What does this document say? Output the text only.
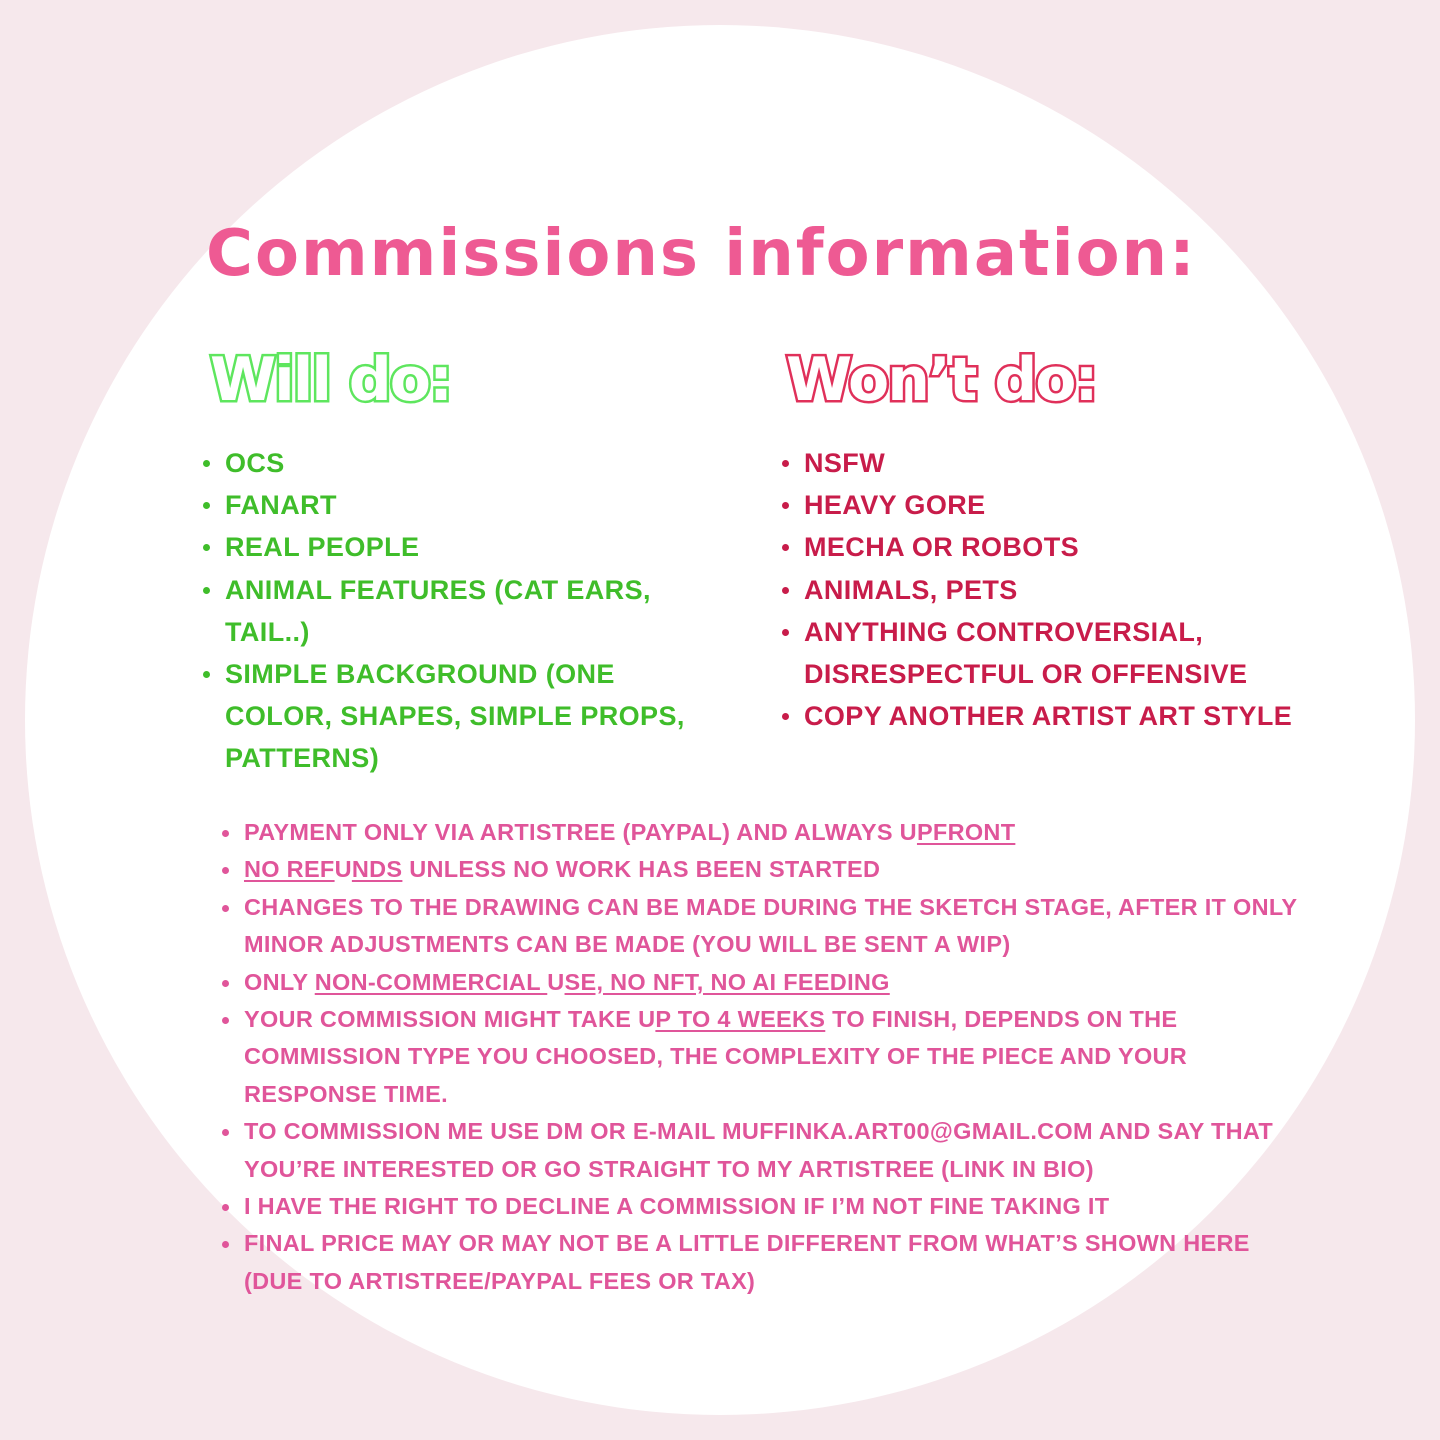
Commissions information:
Will do:	Won’t do:
OCS
FANART
REAL PEOPLE
ANIMAL FEATURES (CAT EARS, TAIL..)
SIMPLE BACKGROUND (ONE COLOR, SHAPES, SIMPLE PROPS, PATTERNS)
NSFW
HEAVY GORE
MECHA OR ROBOTS
ANIMALS, PETS
ANYTHING CONTROVERSIAL, DISRESPECTFUL OR OFFENSIVE
COPY ANOTHER ARTIST ART STYLE
PAYMENT ONLY VIA ARTISTREE (PAYPAL) AND ALWAYS UPFRONT
NO REFUNDS UNLESS NO WORK HAS BEEN STARTED
CHANGES TO THE DRAWING CAN BE MADE DURING THE SKETCH STAGE, AFTER IT ONLY MINOR ADJUSTMENTS CAN BE MADE (YOU WILL BE SENT A WIP)
ONLY NON-COMMERCIAL USE, NO NFT, NO AI FEEDING
YOUR COMMISSION MIGHT TAKE UP TO 4 WEEKS TO FINISH, DEPENDS ON THE COMMISSION TYPE YOU CHOOSED, THE COMPLEXITY OF THE PIECE AND YOUR RESPONSE TIME.
TO COMMISSION ME USE DM OR E-MAIL MUFFINKA.ART00@GMAIL.COM AND SAY THAT YOU’RE INTERESTED OR GO STRAIGHT TO MY ARTISTREE (LINK IN BIO)
I HAVE THE RIGHT TO DECLINE A COMMISSION IF I’M NOT FINE TAKING IT
FINAL PRICE MAY OR MAY NOT BE A LITTLE DIFFERENT FROM WHAT’S SHOWN HERE (DUE TO ARTISTREE/PAYPAL FEES OR TAX)
